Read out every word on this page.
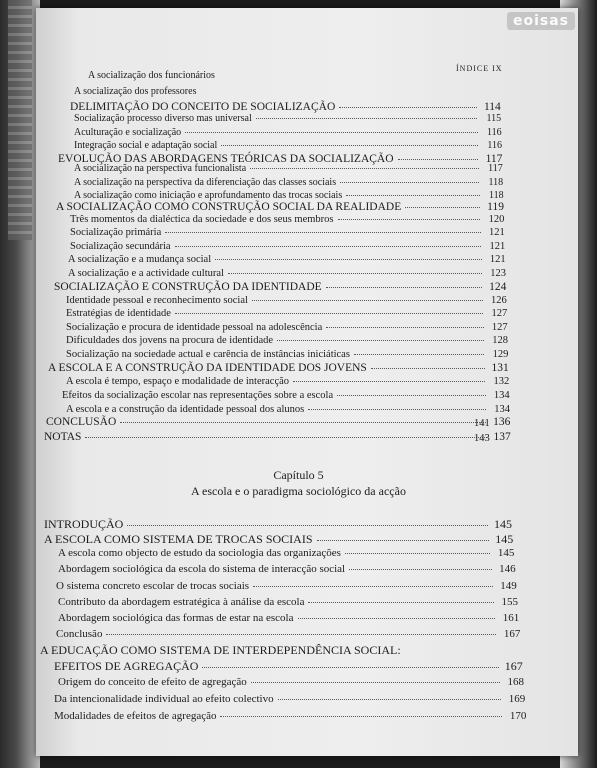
eoisas
ÍNDICE IX
A socialização dos funcionários
A socialização dos professores
DELIMITAÇÃO DO CONCEITO DE SOCIALIZAÇÃO	114
Socialização processo diverso mas universal	115
Aculturação e socialização	116
Integração social e adaptação social	116
EVOLUÇÃO DAS ABORDAGENS TEÓRICAS DA SOCIALIZAÇÃO	117
A socialização na perspectiva funcionalista	117
A socialização na perspectiva da diferenciação das classes sociais	118
A socialização como iniciação e aprofundamento das trocas sociais	118
A SOCIALIZAÇÃO COMO CONSTRUÇÃO SOCIAL DA REALIDADE	119
Três momentos da dialéctica da sociedade e dos seus membros	120
Socialização primária	121
Socialização secundária	121
A socialização e a mudança social	121
A socialização e a actividade cultural	123
SOCIALIZAÇÃO E CONSTRUÇÃO DA IDENTIDADE	124
Identidade pessoal e reconhecimento social	126
Estratégias de identidade	127
Socialização e procura de identidade pessoal na adolescência	127
Dificuldades dos jovens na procura de identidade	128
Socialização na sociedade actual e carência de instâncias iniciáticas	129
A ESCOLA E A CONSTRUÇÃO DA IDENTIDADE DOS JOVENS	131
A escola é tempo, espaço e modalidade de interacção	132
Efeitos da socialização escolar nas representações sobre a escola	134
A escola e a construção da identidade pessoal dos alunos	134
CONCLUSÃO	136
NOTAS	137
INTRODUÇÃO	145
A ESCOLA COMO SISTEMA DE TROCAS SOCIAIS	145
A escola como objecto de estudo da sociologia das organizações	145
Abordagem sociológica da escola do sistema de interacção social	146
O sistema concreto escolar de trocas sociais	149
Contributo da abordagem estratégica à análise da escola	155
Abordagem sociológica das formas de estar na escola	161
Conclusão	167
A EDUCAÇÃO COMO SISTEMA DE INTERDEPENDÊNCIA SOCIAL:
EFEITOS DE AGREGAÇÃO	167
Origem do conceito de efeito de agregação	168
Da intencionalidade individual ao efeito colectivo	169
Modalidades de efeitos de agregação	170
141
143
Capítulo 5
A escola e o paradigma sociológico da acção
